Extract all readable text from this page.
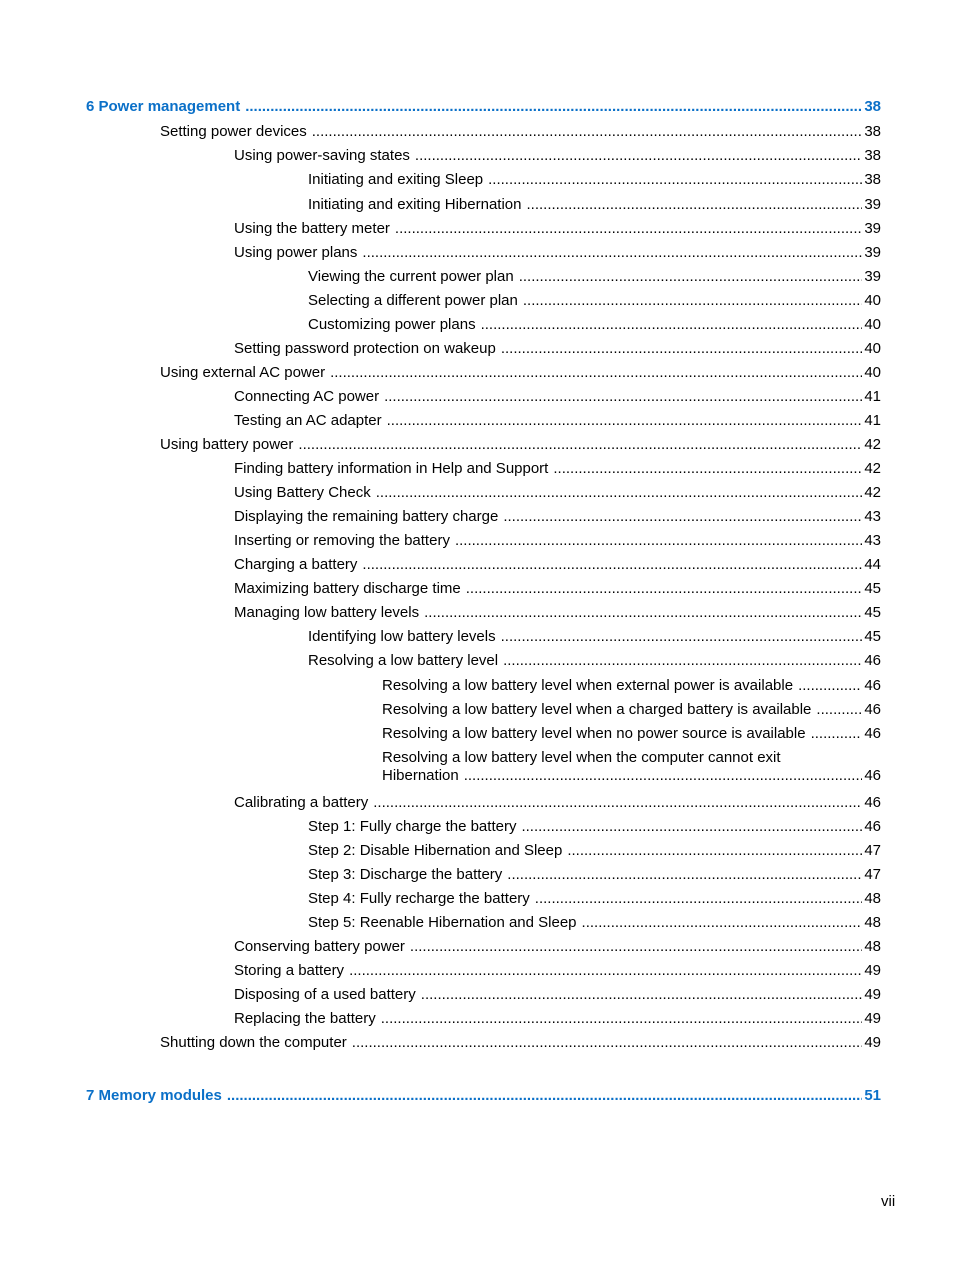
6 Power management .....	38
Setting power devices .....	38
Using power-saving states .....	38
Initiating and exiting Sleep .....	38
Initiating and exiting Hibernation .....	39
Using the battery meter .....	39
Using power plans .....	39
Viewing the current power plan .....	39
Selecting a different power plan .....	40
Customizing power plans .....	40
Setting password protection on wakeup .....	40
Using external AC power .....	40
Connecting AC power .....	41
Testing an AC adapter .....	41
Using battery power .....	42
Finding battery information in Help and Support .....	42
Using Battery Check .....	42
Displaying the remaining battery charge .....	43
Inserting or removing the battery .....	43
Charging a battery .....	44
Maximizing battery discharge time .....	45
Managing low battery levels .....	45
Identifying low battery levels .....	45
Resolving a low battery level .....	46
Resolving a low battery level when external power is available .....	46
Resolving a low battery level when a charged battery is available .....	46
Resolving a low battery level when no power source is available .....	46
Resolving a low battery level when the computer cannot exit
Hibernation .....	46
Calibrating a battery .....	46
Step 1: Fully charge the battery .....	46
Step 2: Disable Hibernation and Sleep .....	47
Step 3: Discharge the battery .....	47
Step 4: Fully recharge the battery .....	48
Step 5: Reenable Hibernation and Sleep .....	48
Conserving battery power .....	48
Storing a battery .....	49
Disposing of a used battery .....	49
Replacing the battery .....	49
Shutting down the computer .....	49
7 Memory modules .....	51
vii
